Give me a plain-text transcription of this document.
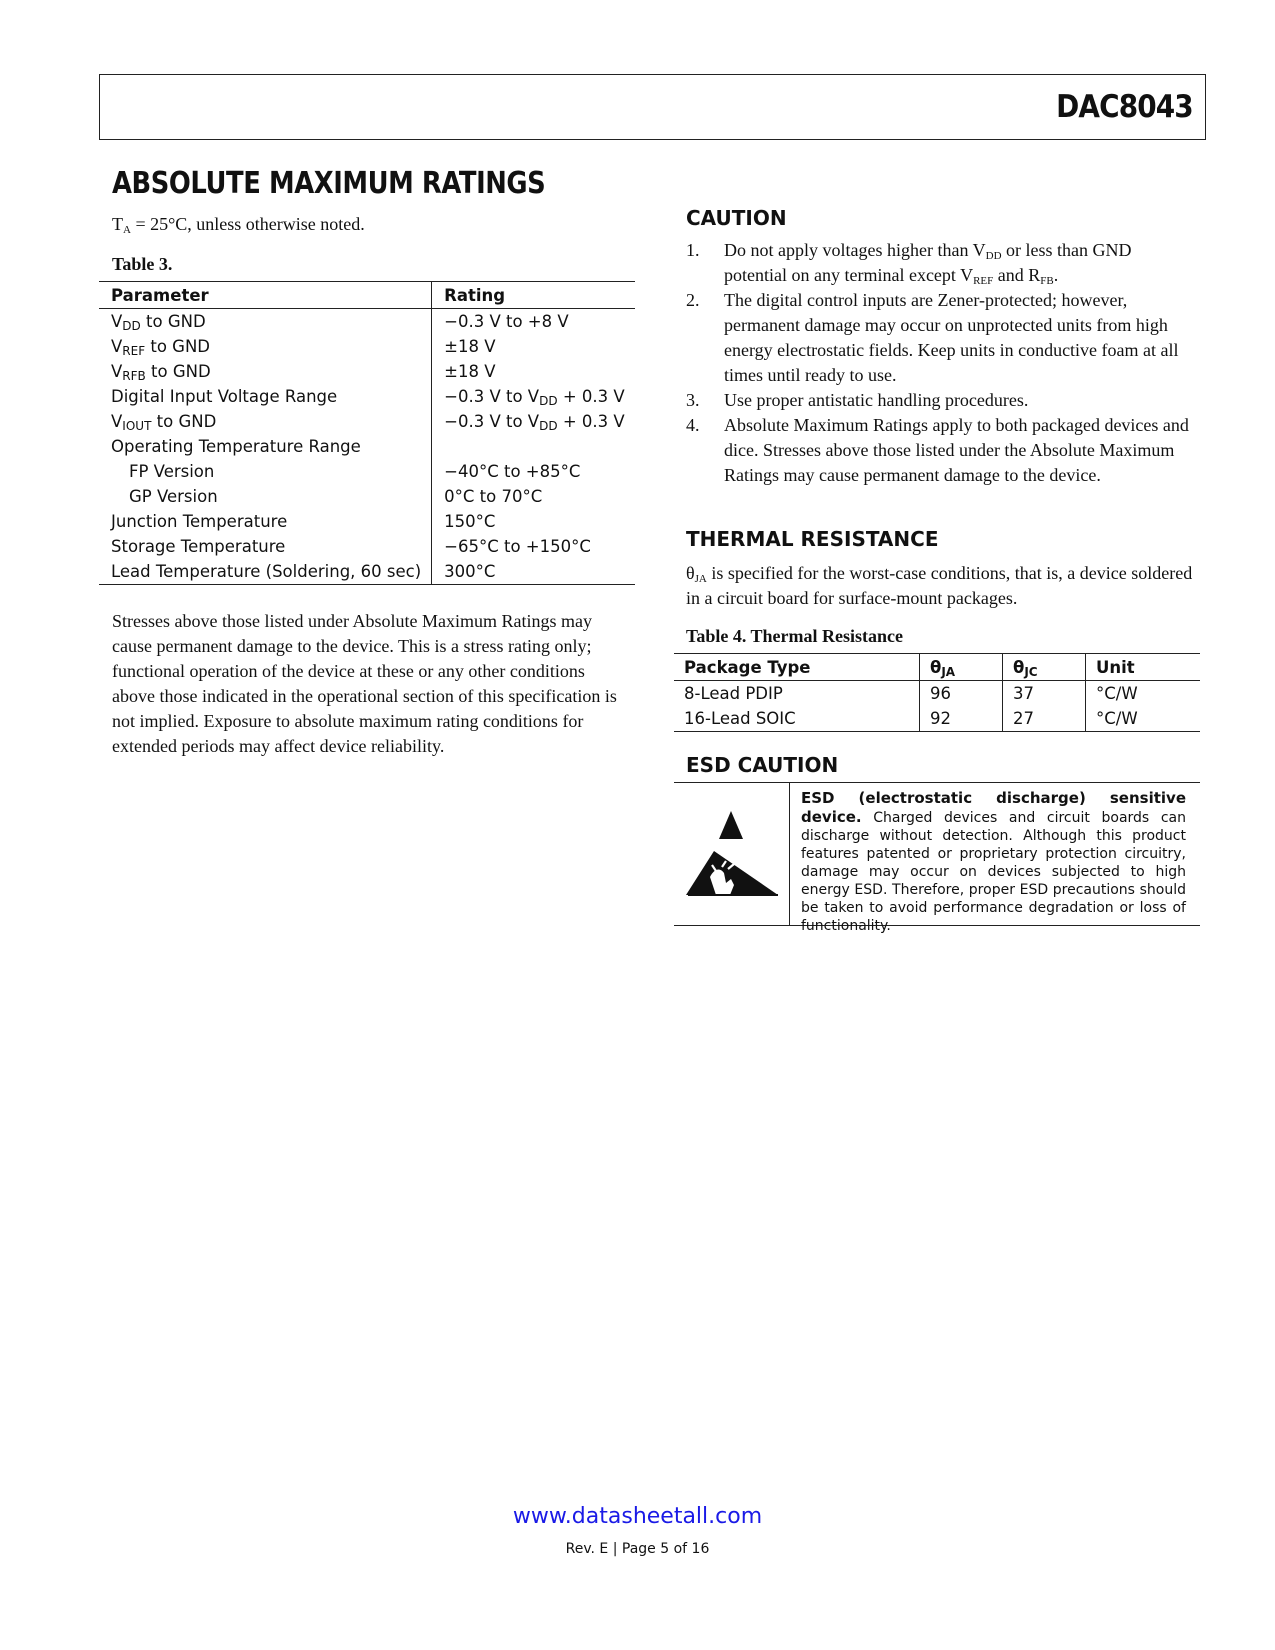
DAC8043
ABSOLUTE MAXIMUM RATINGS
$T_A = 25^\circ C$, unless otherwise noted.
Table 3.
Parameter	Rating
$V_{DD}$ to GND	−0.3 V to +8 V
$V_{REF}$ to GND	±18 V
$V_{RFB}$ to GND	±18 V
Digital Input Voltage Range	−0.3 V to $V_{DD} + 0.3$ V
$V_{IOUT}$ to GND	−0.3 V to $V_{DD} + 0.3$ V
Operating Temperature Range	
FP Version	−40°C to +85°C
GP Version	0°C to 70°C
Junction Temperature	150°C
Storage Temperature	−65°C to +150°C
Lead Temperature (Soldering, 60 sec)	300°C
Stresses above those listed under Absolute Maximum Ratings may cause permanent damage to the device. This is a stress rating only; functional operation of the device at these or any other conditions above those indicated in the operational section of this specification is not implied. Exposure to absolute maximum rating conditions for extended periods may affect device reliability.
CAUTION
1. Do not apply voltages higher than $V_{DD}$ or less than GND potential on any terminal except $V_{REF}$ and $R_{FB}$.
2. The digital control inputs are Zener-protected; however, permanent damage may occur on unprotected units from high energy electrostatic fields. Keep units in conductive foam at all times until ready to use.
3. Use proper antistatic handling procedures.
4. Absolute Maximum Ratings apply to both packaged devices and dice. Stresses above those listed under the Absolute Maximum Ratings may cause permanent damage to the device.
THERMAL RESISTANCE
$\theta_{JA}$ is specified for the worst-case conditions, that is, a device soldered in a circuit board for surface-mount packages.
Table 4. Thermal Resistance
Package Type	$\theta_{JA}$	$\theta_{JC}$	Unit
8-Lead PDIP	96	37	°C/W
16-Lead SOIC	92	27	°C/W
ESD CAUTION
ESD (electrostatic discharge) sensitive device. Charged devices and circuit boards can discharge without detection. Although this product features patented or proprietary protection circuitry, damage may occur on devices subjected to high energy ESD. Therefore, proper ESD precautions should be taken to avoid performance degradation or loss of functionality.
www.datasheetall.com
Rev. E | Page 5 of 16
